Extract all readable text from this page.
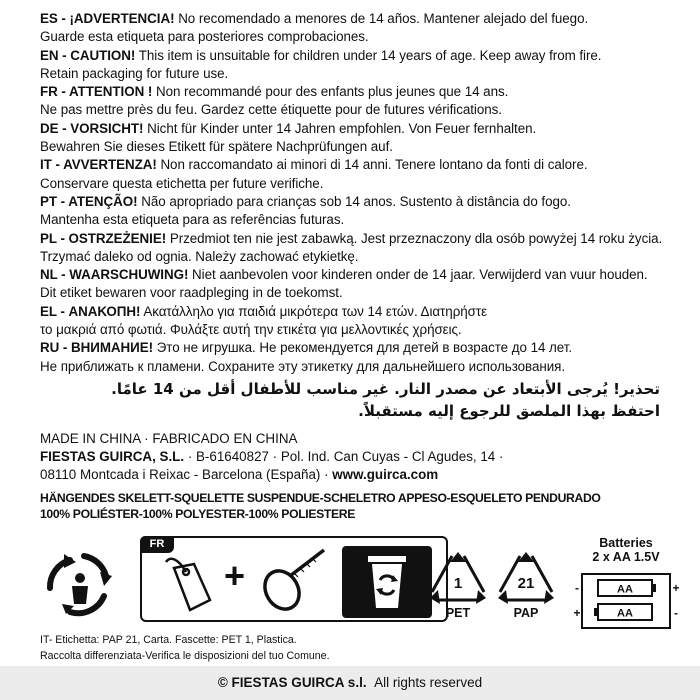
ES - ¡ADVERTENCIA! No recomendado a menores de 14 años. Mantener alejado del fuego.
Guarde esta etiqueta para posteriores comprobaciones.
EN - CAUTION! This item is unsuitable for children under 14 years of age. Keep away from fire.
Retain packaging for future use.
FR - ATTENTION ! Non recommandé pour des enfants plus jeunes que 14 ans.
Ne pas mettre près du feu. Gardez cette étiquette pour de futures vérifications.
DE - VORSICHT! Nicht für Kinder unter 14 Jahren empfohlen. Von Feuer fernhalten.
Bewahren Sie dieses Etikett für spätere Nachprüfungen auf.
IT - AVVERTENZA! Non raccomandato ai minori di 14 anni. Tenere lontano da fonti di calore.
Conservare questa etichetta per future verifiche.
PT - ATENÇÃO! Não apropriado para crianças sob 14 anos. Sustento à distância do fogo.
Mantenha esta etiqueta para as referências futuras.
PL - OSTRZEŻENIE! Przedmiot ten nie jest zabawką. Jest przeznaczony dla osób powyżej 14 roku życia.
Trzymać daleko od ognia. Należy zachować etykietkę.
NL - WAARSCHUWING! Niet aanbevolen voor kinderen onder de 14 jaar. Verwijderd van vuur houden.
Dit etiket bewaren voor raadpleging in de toekomst.
EL - ΑΝΑΚΟΠΗ! Ακατάλληλο για παιδιά μικρότερα των 14 ετών. Διατηρήστε
το μακριά από φωτιά. Φυλάξτε αυτή την ετικέτα για μελλοντικές χρήσεις.
RU - ВНИМАНИЕ! Это не игрушка. Не рекомендуется для детей в возрасте до 14 лет.
Не приближать к пламени. Сохраните эту этикетку для дальнейшего использования.
تحذير! يُرجى الأبتعاد عن مصدر النار. غير مناسب للأطفال أقل من 14 عامًا.
احتفظ بهذا الملصق للرجوع إليه مستقبلاً.
MADE IN CHINA · FABRICADO EN CHINA
FIESTAS GUIRCA, S.L. · B-61640827 · Pol. Ind. Can Cuyas - Cl Agudes, 14 ·
08110 Montcada i Reixac - Barcelona (España) · www.guirca.com
HÄNGENDES SKELETT-SQUELETTE SUSPENDUE-SCHELETRO APPESO-ESQUELETO PENDURADO
100% POLIÉSTER-100% POLYESTER-100% POLIESTERE
FR
+	1
PET
21
PAP
Batteries
2 x AA 1.5V
AA
AA
-	+
+	-
IT- Etichetta: PAP 21, Carta. Fascette: PET 1, Plastica.
Raccolta differenziata-Verifica le disposizioni del tuo Comune.
© FIESTAS GUIRCA s.l. All rights reserved
